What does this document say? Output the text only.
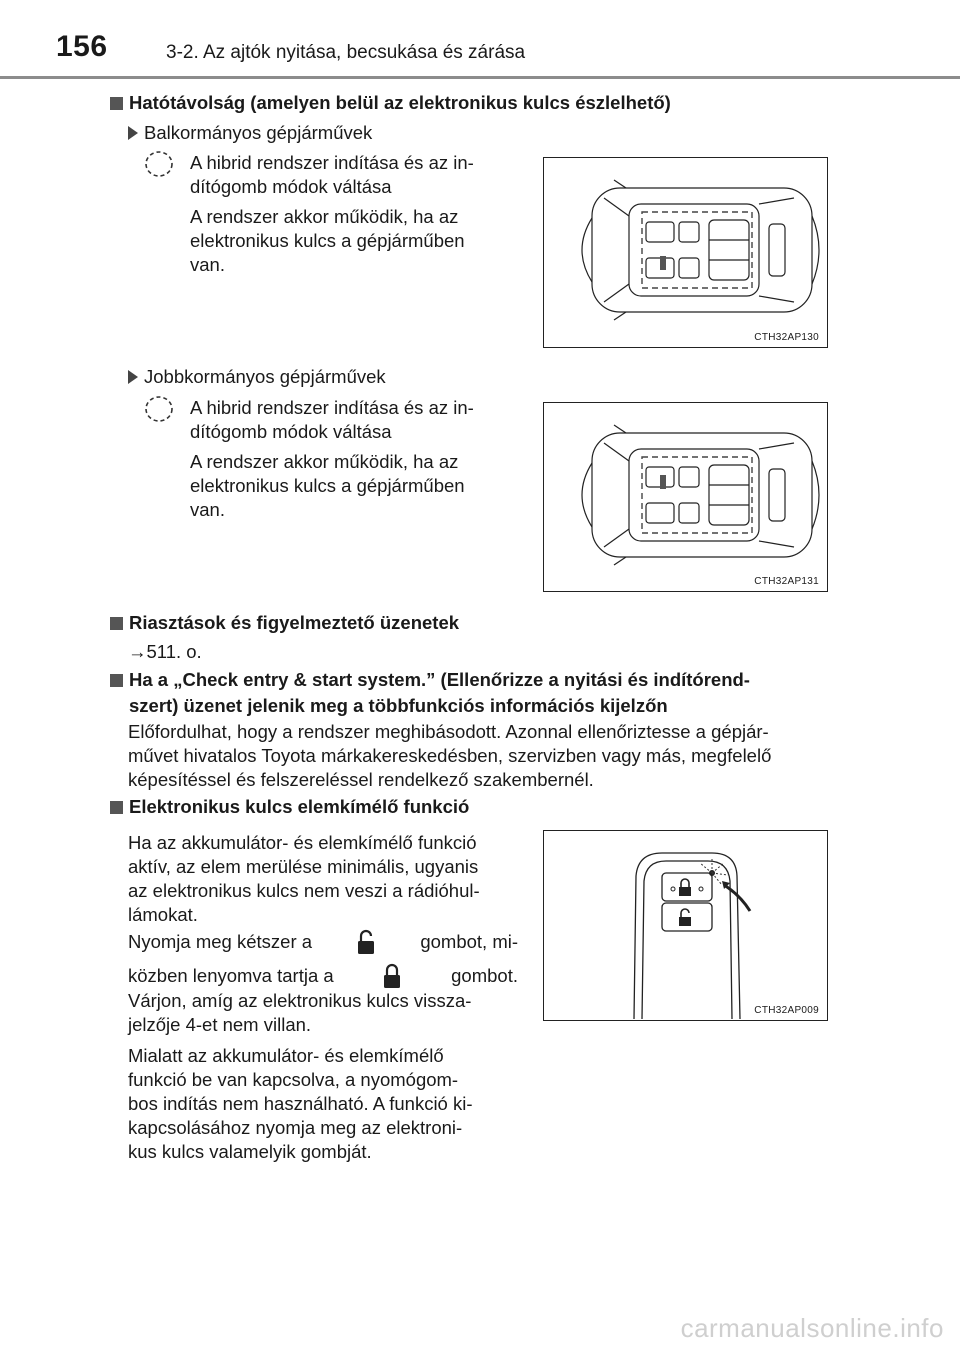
156	3-2. Az ajtók nyitása, becsukása és zárása
Hatótávolság (amelyen belül az elektronikus kulcs észlelhető)
Balkormányos gépjárművek
A hibrid rendszer indítása és az in-
dítógomb módok váltása
A rendszer akkor működik, ha az
elektronikus kulcs a gépjárműben
van.
CTH32AP130
Jobbkormányos gépjárművek
A hibrid rendszer indítása és az in-
dítógomb módok váltása
A rendszer akkor működik, ha az
elektronikus kulcs a gépjárműben
van.
CTH32AP131
Riasztások és figyelmeztető üzenetek
→511. o.
Ha a „Check entry & start system.” (Ellenőrizze a nyitási és indítórend-
szert) üzenet jelenik meg a többfunkciós információs kijelzőn
Előfordulhat, hogy a rendszer meghibásodott. Azonnal ellenőriztesse a gépjár-
művet hivatalos Toyota márkakereskedésben, szervizben vagy más, megfelelő
képesítéssel és felszereléssel rendelkező szakembernél.
Elektronikus kulcs elemkímélő funkció
Ha az akkumulátor- és elemkímélő funkció
aktív, az elem merülése minimális, ugyanis
az elektronikus kulcs nem veszi a rádióhul-
lámokat.
Nyomja meg kétszer a	gombot, mi-
közben lenyomva tartja a	gombot.
Várjon, amíg az elektronikus kulcs vissza-
jelzője 4-et nem villan.
Mialatt az akkumulátor- és elemkímélő
funkció be van kapcsolva, a nyomógom-
bos indítás nem használható. A funkció ki-
kapcsolásához nyomja meg az elektroni-
kus kulcs valamelyik gombját.
CTH32AP009
carmanualsonline.info
